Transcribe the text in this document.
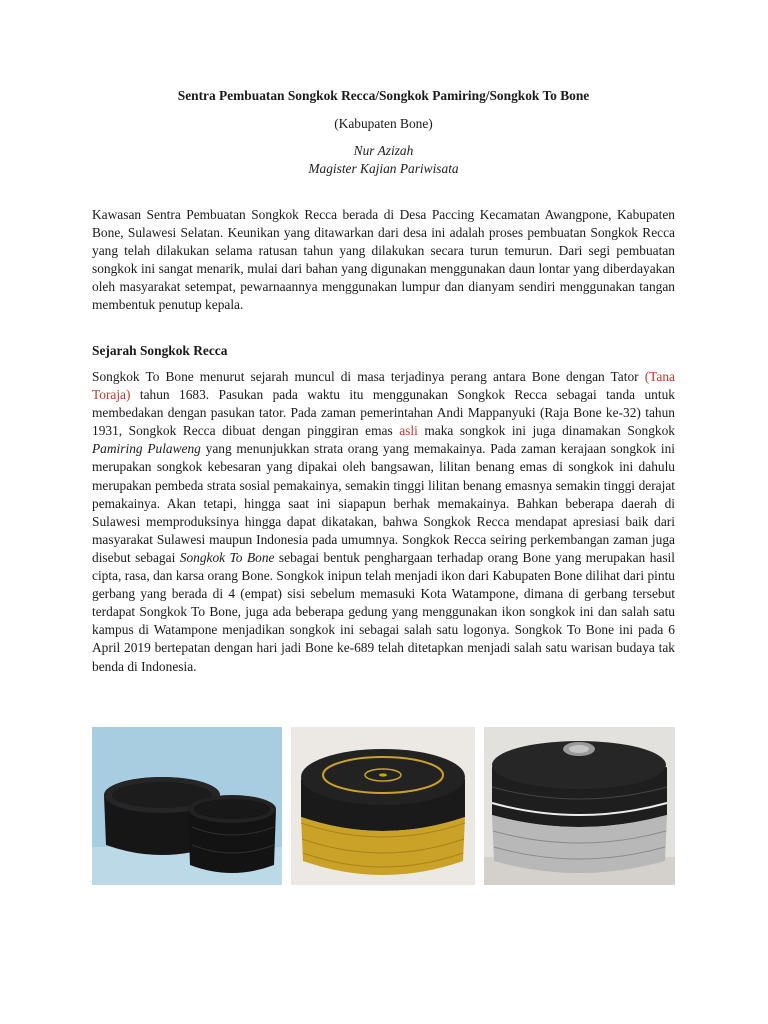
Sentra Pembuatan Songkok Recca/Songkok Pamiring/Songkok To Bone
(Kabupaten Bone)
Nur Azizah
Magister Kajian Pariwisata

Kawasan Sentra Pembuatan Songkok Recca berada di Desa Paccing Kecamatan Awangpone, Kabupaten Bone, Sulawesi Selatan. Keunikan yang ditawarkan dari desa ini adalah proses pembuatan Songkok Recca yang telah dilakukan selama ratusan tahun yang dilakukan secara turun temurun. Dari segi pembuatan songkok ini sangat menarik, mulai dari bahan yang digunakan menggunakan daun lontar yang diberdayakan oleh masyarakat setempat, pewarnaannya menggunakan lumpur dan dianyam sendiri menggunakan tangan membentuk penutup kepala.

Sejarah Songkok Recca

Songkok To Bone menurut sejarah muncul di masa terjadinya perang antara Bone dengan Tator (Tana Toraja) tahun 1683. Pasukan pada waktu itu menggunakan Songkok Recca sebagai tanda untuk membedakan dengan pasukan tator. Pada zaman pemerintahan Andi Mappanyuki (Raja Bone ke-32) tahun 1931, Songkok Recca dibuat dengan pinggiran emas asli maka songkok ini juga dinamakan Songkok Pamiring Pulaweng yang menunjukkan strata orang yang memakainya. Pada zaman kerajaan songkok ini merupakan songkok kebesaran yang dipakai oleh bangsawan, lilitan benang emas di songkok ini dahulu merupakan pembeda strata sosial pemakainya, semakin tinggi lilitan benang emasnya semakin tinggi derajat pemakainya. Akan tetapi, hingga saat ini siapapun berhak memakainya. Bahkan beberapa daerah di Sulawesi memproduksinya hingga dapat dikatakan, bahwa Songkok Recca mendapat apresiasi baik dari masyarakat Sulawesi maupun Indonesia pada umumnya. Songkok Recca seiring perkembangan zaman juga disebut sebagai Songkok To Bone sebagai bentuk penghargaan terhadap orang Bone yang merupakan hasil cipta, rasa, dan karsa orang Bone. Songkok inipun telah menjadi ikon dari Kabupaten Bone dilihat dari pintu gerbang yang berada di 4 (empat) sisi sebelum memasuki Kota Watampone, dimana di gerbang tersebut terdapat Songkok To Bone, juga ada beberapa gedung yang menggunakan ikon songkok ini dan salah satu kampus di Watampone menjadikan songkok ini sebagai salah satu logonya. Songkok To Bone ini pada 6 April 2019 bertepatan dengan hari jadi Bone ke-689 telah ditetapkan menjadi salah satu warisan budaya tak benda di Indonesia.
